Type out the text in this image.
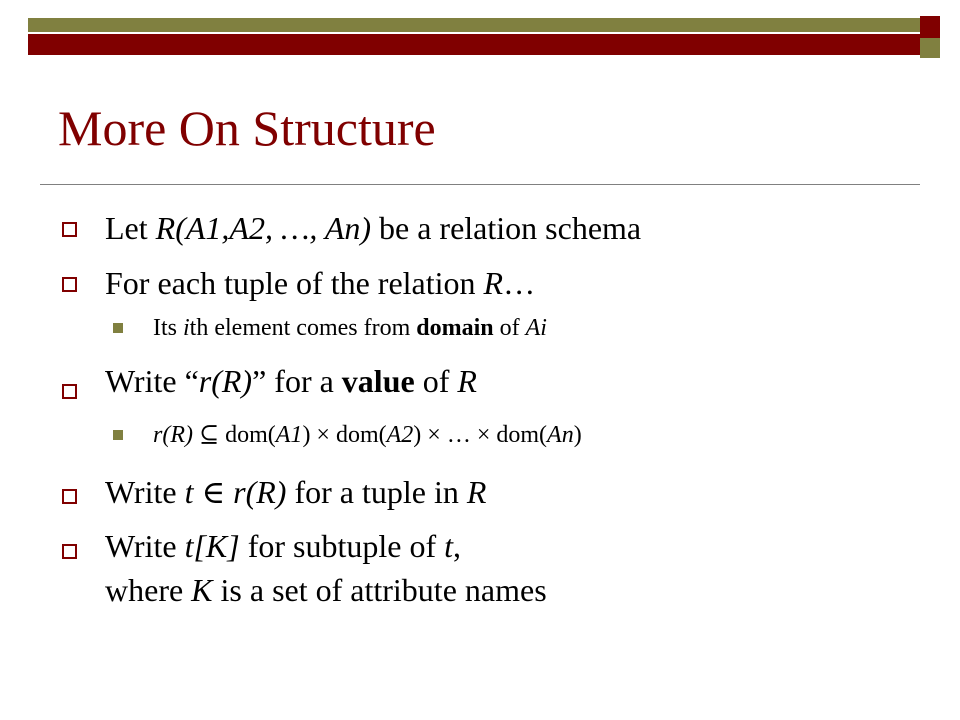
More On Structure
Let R(A1,A2, …, An) be a relation schema
For each tuple of the relation R…
Its ith element comes from domain of Ai
Write “r(R)” for a value of R
r(R) ⊆ dom(A1) × dom(A2) × … × dom(An)
Write t ∈ r(R) for a tuple in R
Write t[K] for subtuple of t,
where K is a set of attribute names
